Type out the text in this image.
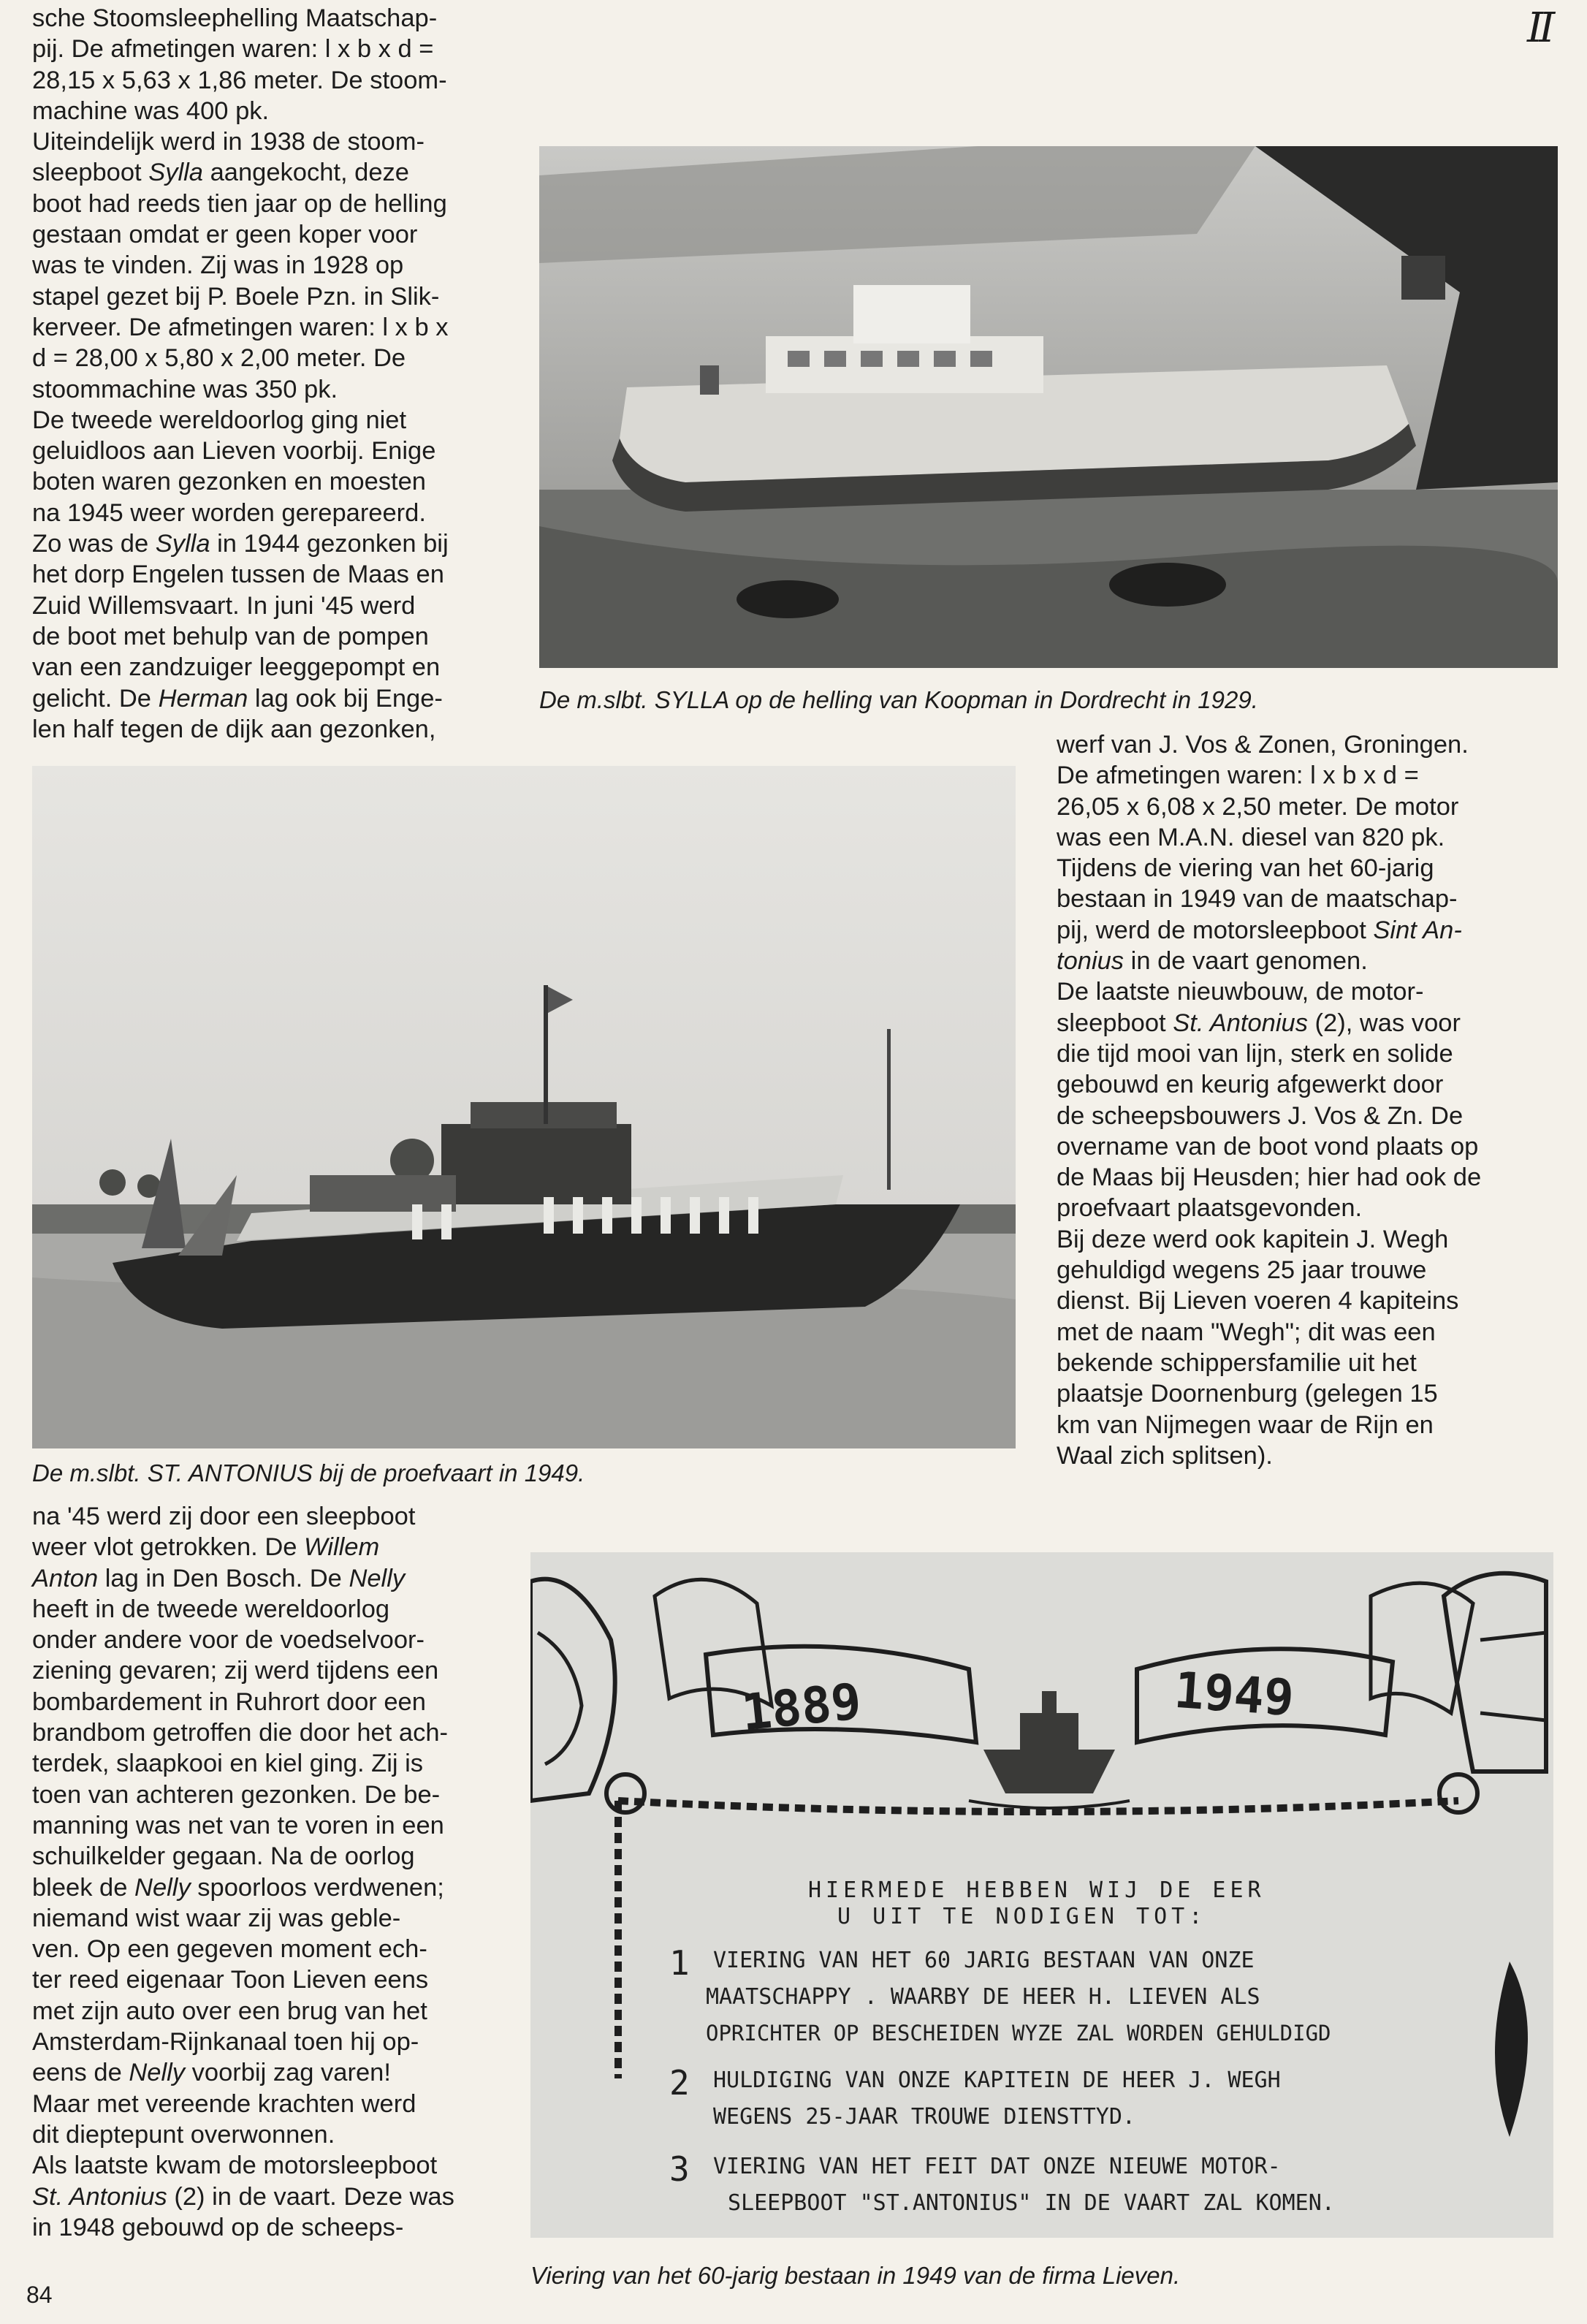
II

84

sche Stoomsleephelling Maatschap-
pij. De afmetingen waren: l x b x d =
28,15 x 5,63 x 1,86 meter. De stoom-
machine was 400 pk.

Uiteindelijk werd in 1938 de stoom-
sleepboot Sylla aangekocht, deze
boot had reeds tien jaar op de helling
gestaan omdat er geen koper voor
was te vinden. Zij was in 1928 op
stapel gezet bij P. Boele Pzn. in Slik-
kerveer. De afmetingen waren: l x b x
d = 28,00 x 5,80 x 2,00 meter. De
stoommachine was 350 pk.

De tweede wereldoorlog ging niet
geluidloos aan Lieven voorbij. Enige
boten waren gezonken en moesten
na 1945 weer worden gerepareerd.
Zo was de Sylla in 1944 gezonken bij
het dorp Engelen tussen de Maas en
Zuid Willemsvaart. In juni '45 werd
de boot met behulp van de pompen
van een zandzuiger leeggepompt en
gelicht. De Herman lag ook bij Enge-
len half tegen de dijk aan gezonken,

De m.slbt. SYLLA op de helling van Koopman in Dordrecht in 1929.

werf van J. Vos & Zonen, Groningen.
De afmetingen waren: l x b x d =
26,05 x 6,08 x 2,50 meter. De motor
was een M.A.N. diesel van 820 pk.
Tijdens de viering van het 60-jarig
bestaan in 1949 van de maatschap-
pij, werd de motorsleepboot Sint An-
tonius in de vaart genomen.

De laatste nieuwbouw, de motor-
sleepboot St. Antonius (2), was voor
die tijd mooi van lijn, sterk en solide
gebouwd en keurig afgewerkt door
de scheepsbouwers J. Vos & Zn. De
overname van de boot vond plaats op
de Maas bij Heusden; hier had ook de
proefvaart plaatsgevonden.

Bij deze werd ook kapitein J. Wegh
gehuldigd wegens 25 jaar trouwe
dienst. Bij Lieven voeren 4 kapiteins
met de naam "Wegh"; dit was een
bekende schippersfamilie uit het
plaatsje Doornenburg (gelegen 15
km van Nijmegen waar de Rijn en
Waal zich splitsen).

De m.slbt. ST. ANTONIUS bij de proefvaart in 1949.

na '45 werd zij door een sleepboot
weer vlot getrokken. De Willem
Anton lag in Den Bosch. De Nelly
heeft in de tweede wereldoorlog
onder andere voor de voedselvoor-
ziening gevaren; zij werd tijdens een
bombardement in Ruhrort door een
brandbom getroffen die door het ach-
terdek, slaapkooi en kiel ging. Zij is
toen van achteren gezonken. De be-
manning was net van te voren in een
schuilkelder gegaan. Na de oorlog
bleek de Nelly spoorloos verdwenen;
niemand wist waar zij was geble-
ven. Op een gegeven moment ech-
ter reed eigenaar Toon Lieven eens
met zijn auto over een brug van het
Amsterdam-Rijnkanaal toen hij op-
eens de Nelly voorbij zag varen!
Maar met vereende krachten werd
dit dieptepunt overwonnen.
Als laatste kwam de motorsleepboot
St. Antonius (2) in de vaart. Deze was
in 1948 gebouwd op de scheeps-

1889	1949
HIERMEDE HEBBEN WIJ DE EER
U UIT TE NODIGEN TOT:
1 VIERING VAN HET 60 JARIG BESTAAN VAN ONZE
MAATSCHAPPY . WAARBY DE HEER H. LIEVEN ALS
OPRICHTER OP BESCHEIDEN WYZE ZAL WORDEN GEHULDIGD
2 HULDIGING VAN ONZE KAPITEIN DE HEER J. WEGH
WEGENS 25-JAAR TROUWE DIENSTTYD.
3 VIERING VAN HET FEIT DAT ONZE NIEUWE MOTOR-
SLEEPBOOT "ST.ANTONIUS" IN DE VAART ZAL KOMEN.

Viering van het 60-jarig bestaan in 1949 van de firma Lieven.
